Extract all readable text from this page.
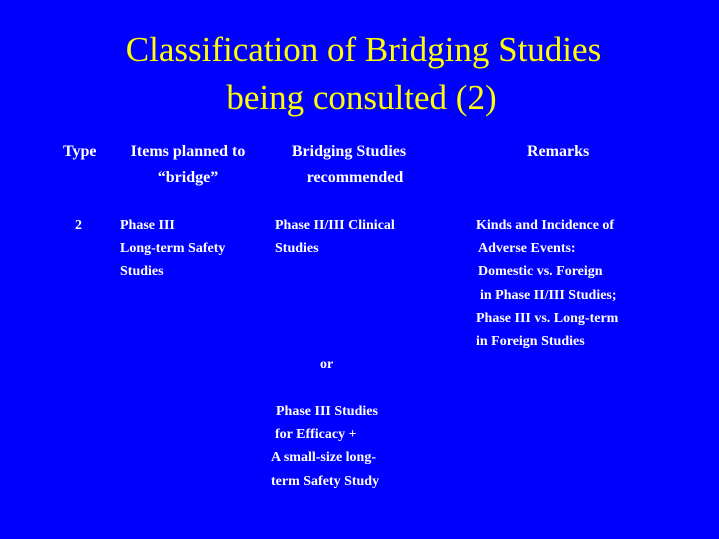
Classification of Bridging Studies
being consulted (2)
Type	Items planned to
“bridge”
Bridging Studies
recommended
Remarks
2	Phase III
Long-term Safety
Studies
Phase II/III Clinical
Studies
or
Phase III Studies
for Efficacy +
A small-size long-
term Safety Study
Kinds and Incidence of
Adverse Events:
Domestic vs. Foreign
in Phase II/III Studies;
Phase III vs. Long-term
in Foreign Studies
